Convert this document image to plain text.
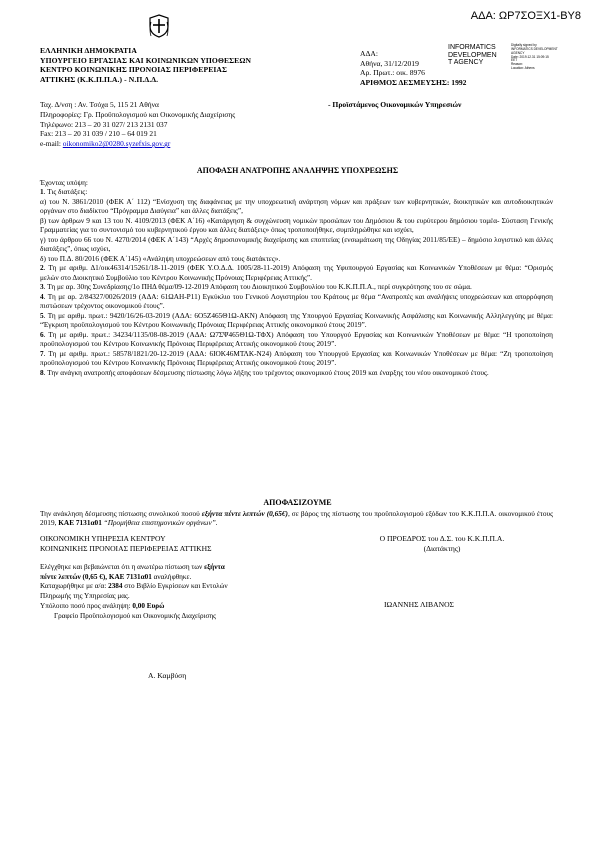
ΑΔΑ: ΩΡ7ΣΟΞΧ1-ΒΥ8
ΕΛΛΗΝΙΚΗ ΔΗΜΟΚΡΑΤΙΑ
ΥΠΟΥΡΓΕΙΟ ΕΡΓΑΣΙΑΣ ΚΑΙ ΚΟΙΝΩΝΙΚΩΝ ΥΠΟΘΕΣΕΩΝ
ΚΕΝΤΡΟ ΚΟΙΝΩΝΙΚΗΣ ΠΡΟΝΟΙΑΣ ΠΕΡΙΦΕΡΕΙΑΣ
ΑΤΤΙΚΗΣ (Κ.Κ.Π.Π.Α.) - Ν.Π.Δ.Δ.
ΑΔΑ:
Αθήνα, 31/12/2019
Αρ. Πρωτ.: οικ. 8976
ΑΡΙΘΜΟΣ ΔΕΣΜΕΥΣΗΣ: 1992
INFORMATICS
DEVELOPMEN
T AGENCY
Digitally signed by
INFORMATICS DEVELOPMENT AGENCY
Date: 2019.12.31 15:09:15
EET
Reason:
Location: Athens
Ταχ. Δ/νση : Αν. Τσόχα 5, 115 21 Αθήνα
Πληροφορίες: Γρ. Προϋπολογισμού και Οικονομικής Διαχείρισης
Τηλέφωνο: 213 – 20 31 027/ 213 2131 037
Fax: 213 – 20 31 039 / 210 – 64 019 21
e-mail: oikonomiko2@0280.syzefxis.gov.gr
- Προϊστάμενος Οικονομικών Υπηρεσιών
ΑΠΟΦΑΣΗ ΑΝΑΤΡΟΠΗΣ ΑΝΑΛΗΨΗΣ ΥΠΟΧΡΕΩΣΗΣ

Έχοντας υπόψη:

1. Τις διατάξεις:

α) του Ν. 3861/2010 (ΦΕΚ Α΄ 112) “Ενίσχυση της διαφάνειας με την υποχρεωτική ανάρτηση νόμων και πράξεων των κυβερνητικών, διοικητικών και αυτοδιοικητικών οργάνων στο διαδίκτυο “Πρόγραμμα Διαύγεια” και άλλες διατάξεις”,

β) των άρθρων 9 και 13 του Ν. 4109/2013 (ΦΕΚ Α΄16) «Κατάργηση & συγχώνευση νομικών προσώπων του Δημόσιου & του ευρύτερου δημόσιου τομέα- Σύσταση Γενικής Γραμματείας για το συντονισμό του κυβερνητικού έργου και άλλες διατάξεις» όπως τροποποιήθηκε, συμπληρώθηκε και ισχύει,

γ) του άρθρου 66 του Ν. 4270/2014 (ΦΕΚ Α΄143) “Αρχές δημοσιονομικής διαχείρισης και εποπτείας (ενσωμάτωση της Οδηγίας 2011/85/ΕΕ) – δημόσιο λογιστικό και άλλες διατάξεις”, όπως ισχύει,

δ) του Π.Δ. 80/2016 (ΦΕΚ Α΄145) «Ανάληψη υποχρεώσεων από τους διατάκτες».

2. Τη με αριθμ. Δ1/οικ46314/15261/18-11-2019 (ΦΕΚ Υ.Ο.Δ.Δ. 1005/28-11-2019) Απόφαση της Υφυπουργού Εργασίας και Κοινωνικών Υποθέσεων με θέμα: “Ορισμός μελών στο Διοικητικό Συμβούλιο του Κέντρου Κοινωνικής Πρόνοιας Περιφέρειας Αττικής”.

3. Τη με αρ. 30ης Συνεδρίασης/1ο ΠΗΔ θέμα/09-12-2019 Απόφαση του Διοικητικού Συμβουλίου του Κ.Κ.Π.Π.Α., περί συγκρότησης του σε σώμα.

4. Τη με αρ. 2/84327/0026/2019 (ΑΔΑ: 61ΩΑΗ-Ρ11) Εγκύκλιο του Γενικού Λογιστηρίου του Κράτους με θέμα “Ανατροπές και αναλήψεις υποχρεώσεων και απορρόφηση πιστώσεων τρέχοντος οικονομικού έτους”.

5. Τη με αριθμ. πρωτ.: 9420/16/26-03-2019 (ΑΔΑ: 6Ο5Ζ465Θ1Ω-ΑΚΝ) Απόφαση της Υπουργού Εργασίας Κοινωνικής Ασφάλισης και Κοινωνικής Αλληλεγγύης με θέμα: “Έγκριση προϋπολογισμού του Κέντρου Κοινωνικής Πρόνοιας Περιφέρειας Αττικής οικονομικού έτους 2019”.

6. Τη με αριθμ. πρωτ.: 34234/1135/08-08-2019 (ΑΔΑ: Ω7ΣΨ465Θ1Ω-ΤΦΧ) Απόφαση του Υπουργού Εργασίας και Κοινωνικών Υποθέσεων με θέμα: “Η τροποποίηση προϋπολογισμού του Κέντρου Κοινωνικής Πρόνοιας Περιφέρειας Αττικής οικονομικού έτους 2019”.

7. Τη με αριθμ. πρωτ.: 58578/1821/20-12-2019 (ΑΔΑ: 6ΙΟΚ46ΜΤΛΚ-Ν24) Απόφαση του Υπουργού Εργασίας και Κοινωνικών Υποθέσεων με θέμα: “Ζη τροποποίηση προϋπολογισμού του Κέντρου Κοινωνικής Πρόνοιας Περιφέρειας Αττικής οικονομικού έτους 2019”.

8. Την ανάγκη ανατροπής αποφάσεων δέσμευσης πίστωσης λόγω λήξης του τρέχοντος οικονομικού έτους 2019 και έναρξης του νέου οικονομικού έτους.

ΑΠΟΦΑΣΙΖΟΥΜΕ

Την ανάκληση δέσμευσης πίστωσης συνολικού ποσού εξήντα πέντε λεπτών (0,65€), σε βάρος της πίστωσης του προϋπολογισμού εξόδων του Κ.Κ.Π.Π.Α. οικονομικού έτους 2019, ΚΑΕ 7131α01 “Προμήθεια επιστημονικών οργάνων”.

ΟΙΚΟΝΟΜΙΚΗ ΥΠΗΡΕΣΙΑ ΚΕΝΤΡΟΥ
ΚΟΙΝΩΝΙΚΗΣ ΠΡΟΝΟΙΑΣ ΠΕΡΙΦΕΡΕΙΑΣ ΑΤΤΙΚΗΣ
Ο ΠΡΟΕΔΡΟΣ του Δ.Σ. του Κ.Κ.Π.Π.Α.
(Διατάκτης)
Ελέγχθηκε και βεβαιώνεται ότι η ανωτέρω πίστωση των εξήντα
πέντε λεπτών (0,65 €), ΚΑΕ 7131α01 αναλήφθηκε.
Καταχωρήθηκε με α/α: 2384 στο Βιβλίο Εγκρίσεων και Εντολών
Πληρωμής της Υπηρεσίας μας.
Υπόλοιπο ποσό προς ανάληψη: 0,00 Ευρώ
Γραφείο Προϋπολογισμού και Οικονομικής Διαχείρισης
ΙΩΑΝΝΗΣ ΛΙΒΑΝΟΣ
Α. Καμβύση
